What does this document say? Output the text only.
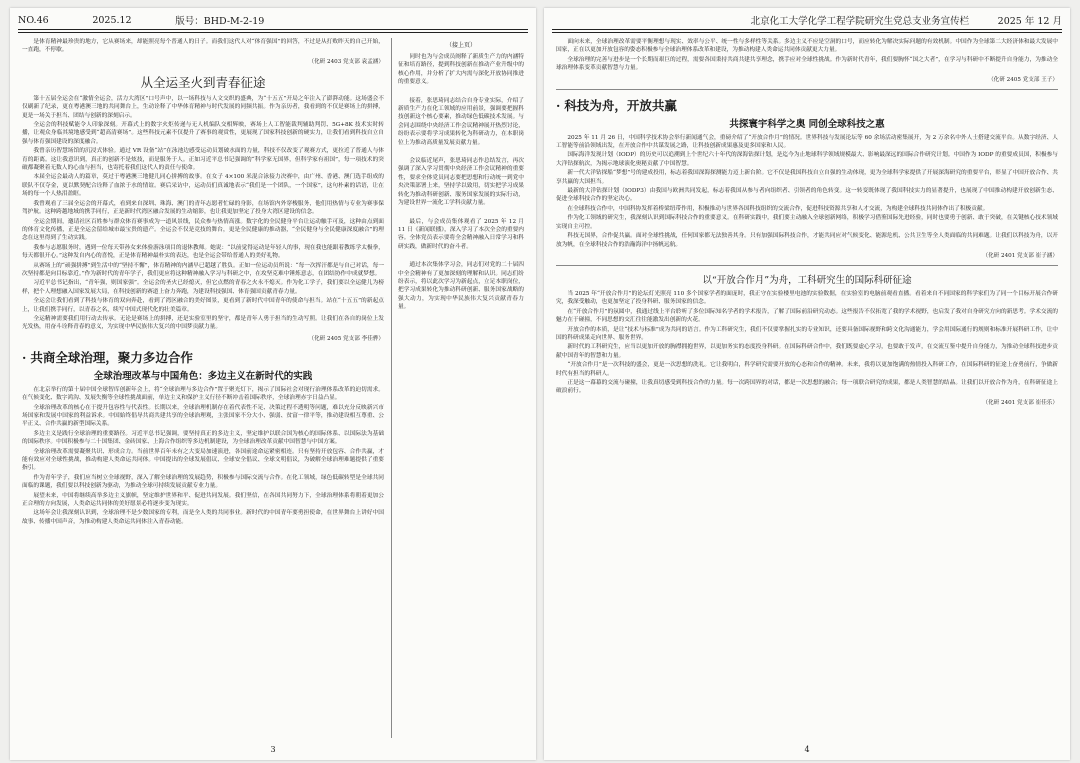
NO.46	2025.12	版号：BHD-M-2-19

是体育精神最珍贵的地方，它从赛场来，却能照亮每个普通人的日子。而我们这代人对“体育强国”的回答，不过是从打败昨天的自己开始，一直跑，不停歇。

（化研 2403 党支部 袁孟涵）
从全运圣火到青春征途

第十五届全运会在“激情全运会，活力大湾区”口号声中，以一场科技与人文交织的盛典，为“十五五”开局之年注入了澎湃动能。这场盛会不仅刷新了纪录，更在粤港澳三地的共同舞台上，生动诠释了中华体育精神与时代发展的同频共振。作为亲历者，我看到的不仅是赛场上的拼搏，更是一场关于担当、团结与创新的深刻启示。

全运会的科技赋能令人印象深刻。开幕式上的数字火炬传递与无人机编队交相辉映，赛场上人工智能裁判辅助判罚、5G+8K 技术实时转播，让观众身临其境地感受到“超高清赛场”。这些科技元素不仅提升了赛事的观赏性，更展现了国家科技创新的硬实力，让我们看到科技自立自强与体育强国建设的深度融合。

我曾亲历智慧场馆的沉浸式体验。通过 VR 设备“站”在泳池边感受运动员划破水面的力量，科技不仅改变了观赛方式，更拉近了普通人与体育的距离。这让我意识到，真正的创新不是炫技，而是服务于人。正如习近平总书记强调的“科学家无国界，但科学家有祖国”，每一项技术的突破都凝聚着无数人的心血与担当，也寄托着我们这代人的责任与使命。

本届全运会最动人的篇章，莫过于粤港澳三地健儿同心拼搏的故事。在女子 4×100 米混合泳接力决赛中，由广州、香港、澳门选手组成的联队不仅夺金，更以默契配合诠释了血浓于水的情谊。赛后采访中，运动员们真诚地表示“我们是一个团队，一个国家”，这句朴素的话语，让在场的每一个人热泪盈眶。

我曾观看了三届全运会的开幕式，看到来自深圳、珠海、澳门的青年志愿者忙碌的身影，在场馆内外穿梭服务，他们用热情与专业为赛事保驾护航。这种跨越地域的携手同行，正是新时代湾区融合发展的生动缩影，也让我更加坚定了投身大湾区建设的信念。

全运会期间，邀请社区百姓参与群众体育赛事成为一道风景线，民众参与热情高涨。数字化的全民健身平台让运动触手可及，这种由点到面的体育文化传播，正是全运会留给城市最宝贵的遗产。全运会不仅是竞技的舞台，更是全民健康的推动器，“全民健身与全民健康深度融合”的理念在这里得到了生动实践。

我参与志愿服务时，遇到一位每天带孙女来体验游泳项目的退休教师。她说：“以前觉得运动是年轻人的事，现在我也能跟着教练学太极拳，每天都很开心。”这种发自内心的喜悦，正是体育精神最朴实的表达，也是全运会带给普通人的美好礼物。

从赛场上的“顽强拼搏”到生活中的“坚持不懈”，体育精神的内涵早已超越了胜负。正如一位运动员所说：“每一次挥汗都是与自己对话，每一次坚持都是向目标靠近。”作为新时代的青年学子，我们更应将这种精神融入学习与科研之中，在攻坚克难中锤炼意志，在团结协作中成就梦想。

习近平总书记指出，“青年强，则国家强”。全运会的圣火已经熄灭，但它点燃的青春之火永不熄灭。作为化工学子，我们要以全运健儿为榜样，把个人理想融入国家发展大局，在科技创新的赛道上奋力奔跑，为建设科技强国、体育强国贡献青春力量。

全运会让我们看到了科技与体育的双向奔赴，看到了湾区融合的美好图景，更看到了新时代中国青年的使命与担当。站在“十五五”的新起点上，让我们携手同行，以青春之名，续写中国式现代化的壮美篇章。

全运精神需要我们用行动去传承。无论是赛场上的拼搏，还是实验室里的坚守，都是青年人勇于担当的生动写照。让我们在各自的岗位上发光发热，用奋斗诠释青春的意义，为实现中华民族伟大复兴的中国梦贡献力量。

（化研 2405 党支部 李佳骅）
· 共商全球治理，聚力多边合作
全球治理改革与中国角色：多边主义在新时代的实践

在北京举行的第十届中国全球智库创新年会上，将“全球治理与多边合作”置于聚光灯下，揭示了国际社会对现行治理体系改革的迫切需求。在气候变化、数字鸿沟、发展失衡等全球性挑战面前，单边主义和保护主义行径不断冲击着国际秩序，全球治理赤字日益凸显。

全球治理改革的核心在于提升包容性与代表性。长期以来，全球治理机制存在着代表性不足、决策过程不透明等问题，难以充分反映新兴市场国家和发展中国家的利益诉求。中国始终倡导共商共建共享的全球治理观，主张国家不分大小、强弱、贫富一律平等，推动建设相互尊重、公平正义、合作共赢的新型国际关系。

多边主义是践行全球治理的重要路径。习近平总书记强调，要坚持真正的多边主义，坚定维护以联合国为核心的国际体系、以国际法为基础的国际秩序。中国积极参与二十国集团、金砖国家、上海合作组织等多边机制建设，为全球治理改革贡献中国智慧与中国方案。

全球治理改革需要凝聚共识、形成合力。当前世界百年未有之大变局加速演进，各国前途命运紧密相连。只有坚持开放包容、合作共赢，才能有效应对全球性挑战，推动构建人类命运共同体。中国提出的全球发展倡议、全球安全倡议、全球文明倡议，为破解全球治理难题提供了重要指引。

作为青年学子，我们应当树立全球视野，深入了解全球治理的发展趋势，积极参与国际交流与合作。在化工领域，绿色低碳转型是全球共同面临的课题，我们要以科技创新为驱动，为推动全球可持续发展贡献专业力量。

展望未来，中国将继续高举多边主义旗帜，坚定维护世界和平、促进共同发展。我们坚信，在各国共同努力下，全球治理体系将朝着更加公正合理的方向发展，人类命运共同体的美好愿景必将逐步变为现实。

这场年会让我深刻认识到，全球治理不是少数国家的专利，而是全人类的共同事业。新时代的中国青年要勇担使命，在世界舞台上讲好中国故事、传播中国声音，为推动构建人类命运共同体注入青春动能。

（接上页）

同时也为与会成员阐释了新质生产力的内涵特征和培育路径，提到科技创新在推动产业升级中的核心作用，并分析了扩大内需与深化开放协同推进的重要意义。

接着，张思琦同志结合自身专业实际，介绍了新质生产力在化工领域的应用前景，强调要把握科技创新这个核心要素，推动绿色低碳技术发展。与会同志围绕中央经济工作会议精神展开热烈讨论，纷纷表示要将学习成果转化为科研动力，在本职岗位上为推动高质量发展贡献力量。

会议临近尾声，张思琦同志作总结发言，再次强调了深入学习贯彻中央经济工作会议精神的重要性，要求全体党员同志要把思想和行动统一到党中央决策部署上来，坚持学以致用，切实把学习成果转化为推动科研创新、服务国家发展的实际行动，为建设世界一流化工学科贡献力量。

最后，与会成员集体观看了 2025 年 12 月 11 日《新闻联播》，深入学习了本次全会的重要内容。全体党员表示要将全会精神融入日常学习和科研实践，做新时代的奋斗者。

通过本次集体学习会，同志们对党的二十届四中全会精神有了更加深刻的理解和认识。同志们纷纷表示，将以此次学习为新起点，立足本职岗位，把学习成果转化为推动科研创新、服务国家战略的强大动力，为实现中华民族伟大复兴贡献青春力量。

3
北京化工大学化学工程学院研究生党总支业务宣传栏	2025 年 12 月

面向未来，全球治理改革需要平衡理想与现实、效率与公平、统一性与多样性等关系。多边主义不应是空洞的口号，而应转化为解决实际问题的有效机制。中国作为全球第二大经济体和最大发展中国家，正在以更加开放包容的姿态积极参与全球治理体系改革和建设，为推动构建人类命运共同体贡献更大力量。

全球治理的完善与进步是一个长期而艰巨的过程，需要各国秉持共商共建共享理念，携手应对全球性挑战。作为新时代青年，我们要胸怀“国之大者”，在学习与科研中不断提升自身能力，为推动全球治理体系变革贡献智慧与力量。

（化研 2405 党支部 王子）
· 科技为舟，开放共赢
共探寰宇科学之奥 同创全球科技之惠

2025 年 11 月 26 日，中国科学技术协会举行新闻通气会，重磅介绍了“开放合作月”的情况。世界科技与发展论坛等 60 余场活动密集展开，为 2 万余名中外人士搭建交流平台。从数字经济、人工智能等前沿领域出发，在开放合作中共谋发展之路，让科技创新成果惠及更多国家和人民。

国际海洋发现计划（IODP）的历史可以追溯到上个世纪六十年代的深海钻探计划，是迄今为止地球科学领域规模最大、影响最深远的国际合作研究计划。中国作为 IODP 的重要成员国，积极参与大洋钻探航次，为揭示地球演化奥秘贡献了中国智慧。

新一代大洋钻探船“梦想”号的建成投用，标志着我国深海探测能力迈上新台阶。它不仅是我国科技自立自强的生动体现，更为全球科学家提供了开展深海研究的重要平台，彰显了中国开放合作、共享共赢的大国担当。

最新的大洋钻探计划（IODP3）由我国与欧洲共同发起，标志着我国从参与者向组织者、引领者的角色转变。这一转变既体现了我国科技实力的显著提升，也展现了中国推动构建开放创新生态、促进全球科技合作的坚定决心。

在全球科技合作中，中国科协发挥着桥梁纽带作用，积极推动与世界各国科技组织的交流合作，促进科技资源共享和人才交流，为构建全球科技共同体作出了积极贡献。

作为化工领域的研究生，我深刻认识到国际科技合作的重要意义。在科研实践中，我们要主动融入全球创新网络，积极学习借鉴国际先进经验，同时也要勇于创新、敢于突破，在关键核心技术领域实现自主可控。

科技无国界，合作促共赢。面对全球性挑战，任何国家都无法独善其身。只有加强国际科技合作，才能共同应对气候变化、能源危机、公共卫生等全人类面临的共同难题。让我们以科技为舟，以开放为帆，在全球科技合作的浩瀚海洋中扬帆远航。

（化研 2401 党支部 崔子涵）
以“开放合作月”为舟，工科研究生的国际科研征途

当 2025 年“开放合作月”的论坛灯光照亮 110 多个国家学者的面庞时，我正守在实验楼里电池的实验数据，在实验室的电脑前观看直播。看着来自不同国家的科学家们为了同一个目标开展合作研究，我深受触动，也更加坚定了投身科研、服务国家的信念。

在“开放合作月”的氛圆中，我通过线上平台聆听了多位国际知名学者的学术报告，了解了国际前沿研究动态。这些报告不仅拓宽了我的学术视野，也启发了我对自身研究方向的新思考。学术交流的魅力在于碰撞，不同思想的交汇往往能激发出创新的火花。

开放合作的本质，是让“技术与标准”成为共同的语言。作为工科研究生，我们不仅要掌握扎实的专业知识，还要具备国际视野和跨文化沟通能力，学会用国际通行的规则和标准开展科研工作，让中国的科研成果走向世界、服务世界。

新时代的工科研究生，应当以更加开放的胸襟拥抱世界，以更加务实的态度投身科研。在国际科研合作中，我们既要虚心学习，也要敢于发声，在交流互鉴中提升自身能力，为推动全球科技进步贡献中国青年的智慧和力量。

“开放合作月”是一次科技的盛会，更是一次思想的洗礼。它让我明白，科学研究需要开放的心态和合作的精神。未来，我将以更加饱满的热情投入科研工作，在国际科研的征途上奋勇前行，争做新时代有担当的科研人。

正是这一幕幕的交流与碰撞，让我真切感受到科技合作的力量。每一次跨国界的对话，都是一次思想的融合；每一项联合研究的成果，都是人类智慧的结晶。让我们以开放合作为舟，在科研征途上破浪前行。

（化研 2401 党支部 崔佳乐）
4
